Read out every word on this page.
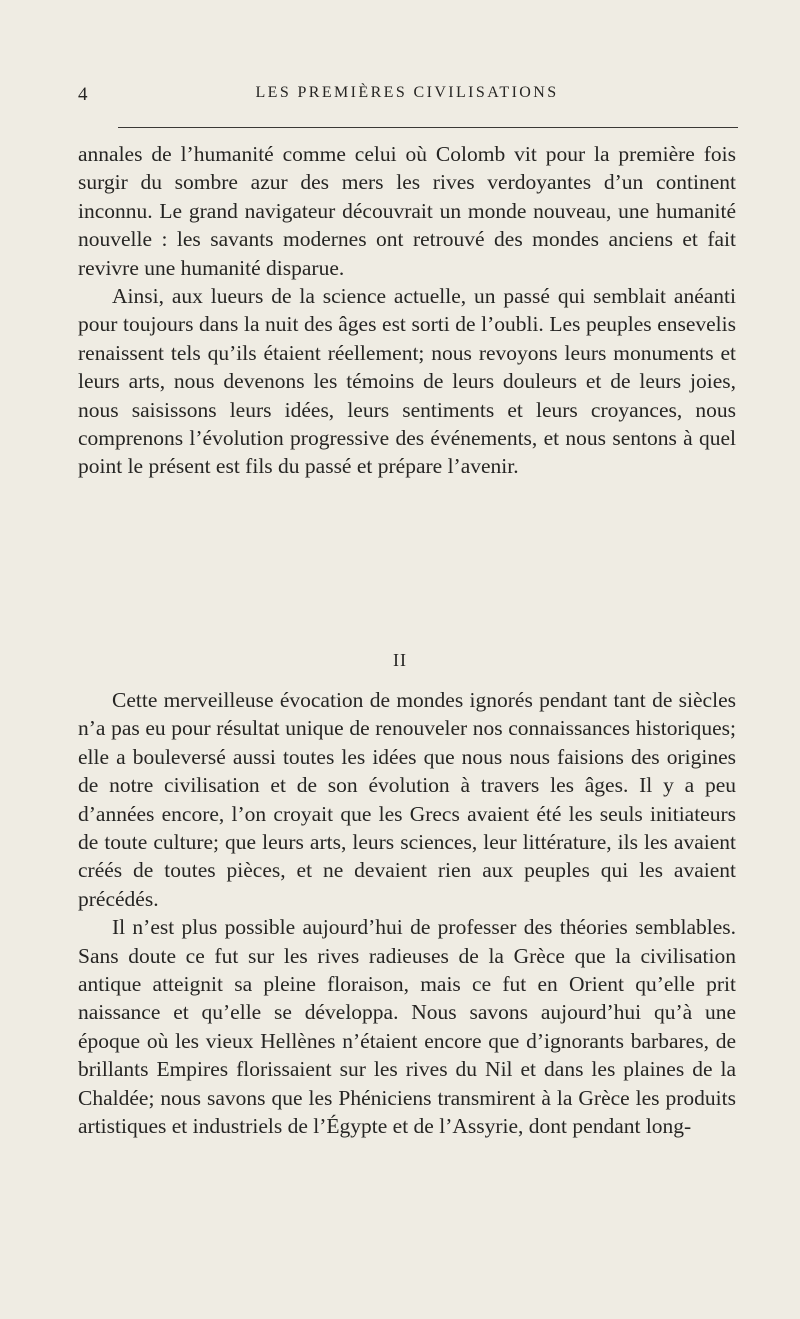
4	LES PREMIÈRES CIVILISATIONS

annales de l’humanité comme celui où Colomb vit pour la première fois surgir du sombre azur des mers les rives verdoyantes d’un continent inconnu. Le grand navigateur découvrait un monde nouveau, une humanité nouvelle : les savants modernes ont retrouvé des mondes anciens et fait revivre une humanité disparue.

Ainsi, aux lueurs de la science actuelle, un passé qui semblait anéanti pour toujours dans la nuit des âges est sorti de l’oubli. Les peuples ensevelis renaissent tels qu’ils étaient réellement; nous revoyons leurs monuments et leurs arts, nous devenons les témoins de leurs douleurs et de leurs joies, nous saisissons leurs idées, leurs sentiments et leurs croyances, nous comprenons l’évolution progressive des événements, et nous sentons à quel point le présent est fils du passé et prépare l’avenir.

II

Cette merveilleuse évocation de mondes ignorés pendant tant de siècles n’a pas eu pour résultat unique de renouveler nos connaissances historiques; elle a bouleversé aussi toutes les idées que nous nous faisions des origines de notre civilisation et de son évolution à travers les âges. Il y a peu d’années encore, l’on croyait que les Grecs avaient été les seuls initiateurs de toute culture; que leurs arts, leurs sciences, leur littérature, ils les avaient créés de toutes pièces, et ne devaient rien aux peuples qui les avaient précédés.

Il n’est plus possible aujourd’hui de professer des théories semblables. Sans doute ce fut sur les rives radieuses de la Grèce que la civilisation antique atteignit sa pleine floraison, mais ce fut en Orient qu’elle prit naissance et qu’elle se développa. Nous savons aujourd’hui qu’à une époque où les vieux Hellènes n’étaient encore que d’ignorants barbares, de brillants Empires florissaient sur les rives du Nil et dans les plaines de la Chaldée; nous savons que les Phéniciens transmirent à la Grèce les produits artistiques et industriels de l’Égypte et de l’Assyrie, dont pendant long-
